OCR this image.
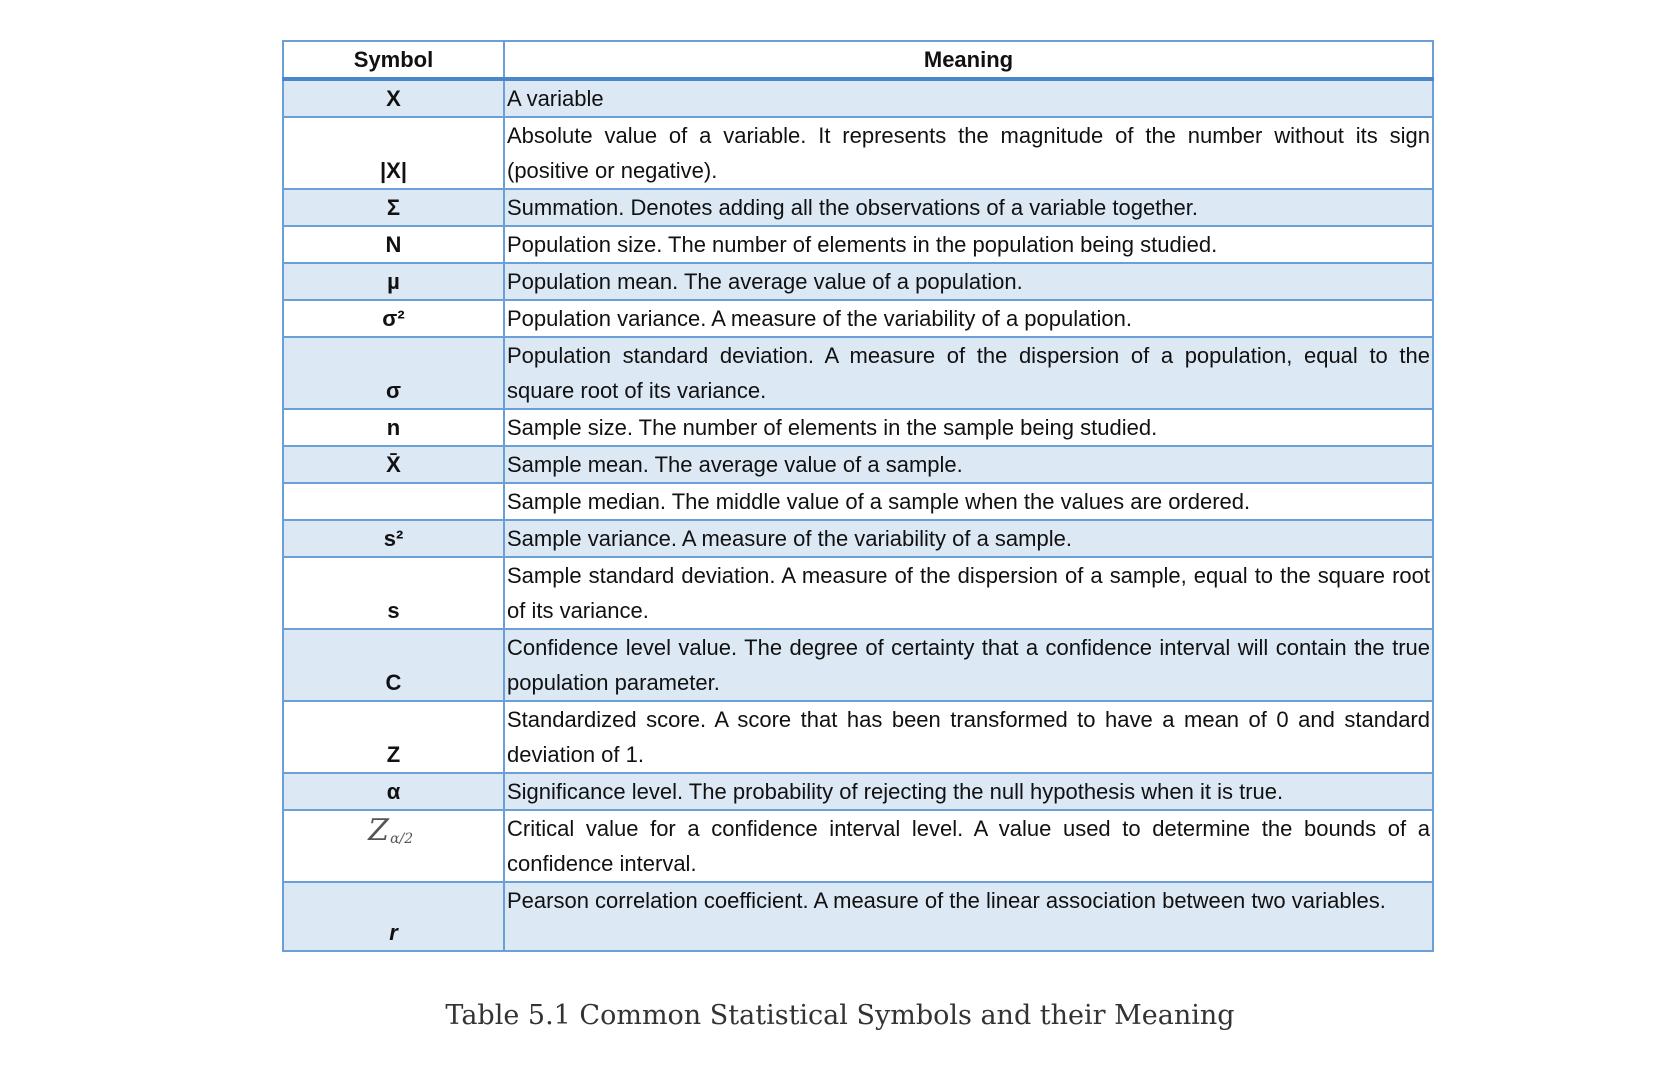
Symbol	Meaning
X	A variable
|X|	Absolute value of a variable. It represents the magnitude of the number without its sign (positive or negative).
Σ	Summation. Denotes adding all the observations of a variable together.
N	Population size. The number of elements in the population being studied.
µ	Population mean. The average value of a population.
σ²	Population variance. A measure of the variability of a population.
σ	Population standard deviation. A measure of the dispersion of a population, equal to the square root of its variance.
n	Sample size. The number of elements in the sample being studied.
X̄	Sample mean. The average value of a sample.
	Sample median. The middle value of a sample when the values are ordered.
s²	Sample variance. A measure of the variability of a sample.
s	Sample standard deviation. A measure of the dispersion of a sample, equal to the square root of its variance.
C	Confidence level value. The degree of certainty that a confidence interval will contain the true population parameter.
Z	Standardized score. A score that has been transformed to have a mean of 0 and standard deviation of 1.
α	Significance level. The probability of rejecting the null hypothesis when it is true.
Z α/2	Critical value for a confidence interval level. A value used to determine the bounds of a confidence interval.
r	Pearson correlation coefficient. A measure of the linear association between two variables.
Table 5.1 Common Statistical Symbols and their Meaning
